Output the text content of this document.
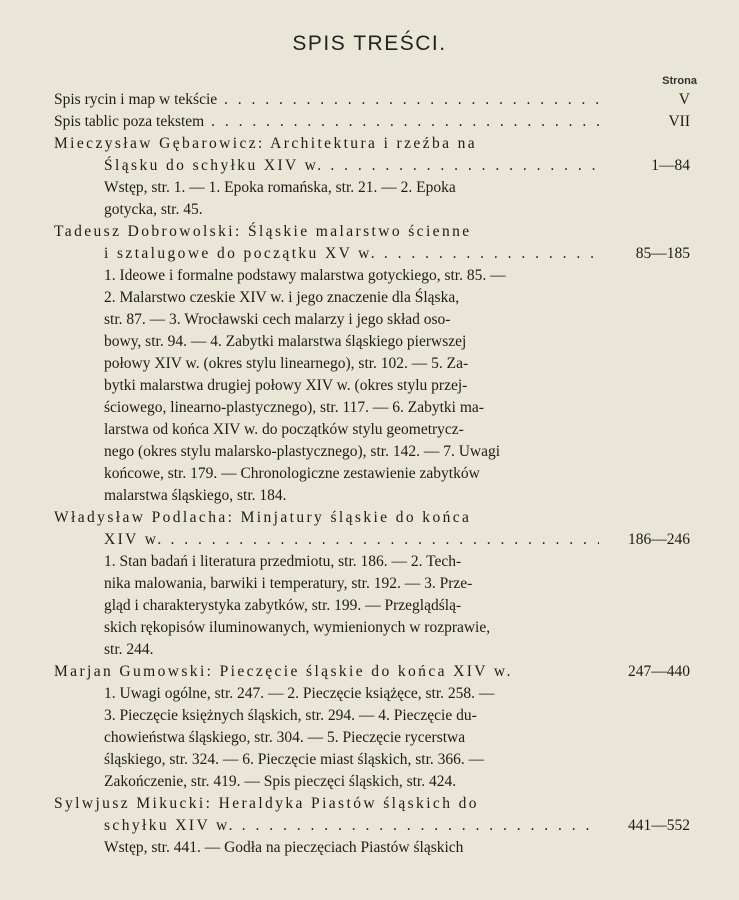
SPIS TREŚCI.
Strona
Spis rycin i map w tekście . . .	V
Spis tablic poza tekstem . . .	VII
Mieczysław Gębarowicz: Architektura i rzeźba na
Śląsku do schyłku XIV w. . . .	1—84
Wstęp, str. 1. — 1. Epoka romańska, str. 21. — 2. Epoka
gotycka, str. 45.
Tadeusz Dobrowolski: Śląskie malarstwo ścienne
i sztalugowe do początku XV w. . . .	85—185
1. Ideowe i formalne podstawy malarstwa gotyckiego, str. 85. —
2. Malarstwo czeskie XIV w. i jego znaczenie dla Śląska,
str. 87. — 3. Wrocławski cech malarzy i jego skład oso-
bowy, str. 94. — 4. Zabytki malarstwa śląskiego pierwszej
połowy XIV w. (okres stylu linearnego), str. 102. — 5. Za-
bytki malarstwa drugiej połowy XIV w. (okres stylu przej-
ściowego, linearno-plastycznego), str. 117. — 6. Zabytki ma-
larstwa od końca XIV w. do początków stylu geometrycz-
nego (okres stylu malarsko-plastycznego), str. 142. — 7. Uwagi
końcowe, str. 179. — Chronologiczne zestawienie zabytków
malarstwa śląskiego, str. 184.
Władysław Podlacha: Minjatury śląskie do końca
XIV w. . . .	186—246
1. Stan badań i literatura przedmiotu, str. 186. — 2. Tech-
nika malowania, barwiki i temperatury, str. 192. — 3. Prze-
gląd i charakterystyka zabytków, str. 199. — Przeglądślą-
skich rękopisów iluminowanych, wymienionych w rozprawie,
str. 244.
Marjan Gumowski: Pieczęcie śląskie do końca XIV w.	247—440
1. Uwagi ogólne, str. 247. — 2. Pieczęcie książęce, str. 258. —
3. Pieczęcie księżnych śląskich, str. 294. — 4. Pieczęcie du-
chowieństwa śląskiego, str. 304. — 5. Pieczęcie rycerstwa
śląskiego, str. 324. — 6. Pieczęcie miast śląskich, str. 366. —
Zakończenie, str. 419. — Spis pieczęci śląskich, str. 424.
Sylwjusz Mikucki: Heraldyka Piastów śląskich do
schyłku XIV w. . . .	441—552
Wstęp, str. 441. — Godła na pieczęciach Piastów śląskich
